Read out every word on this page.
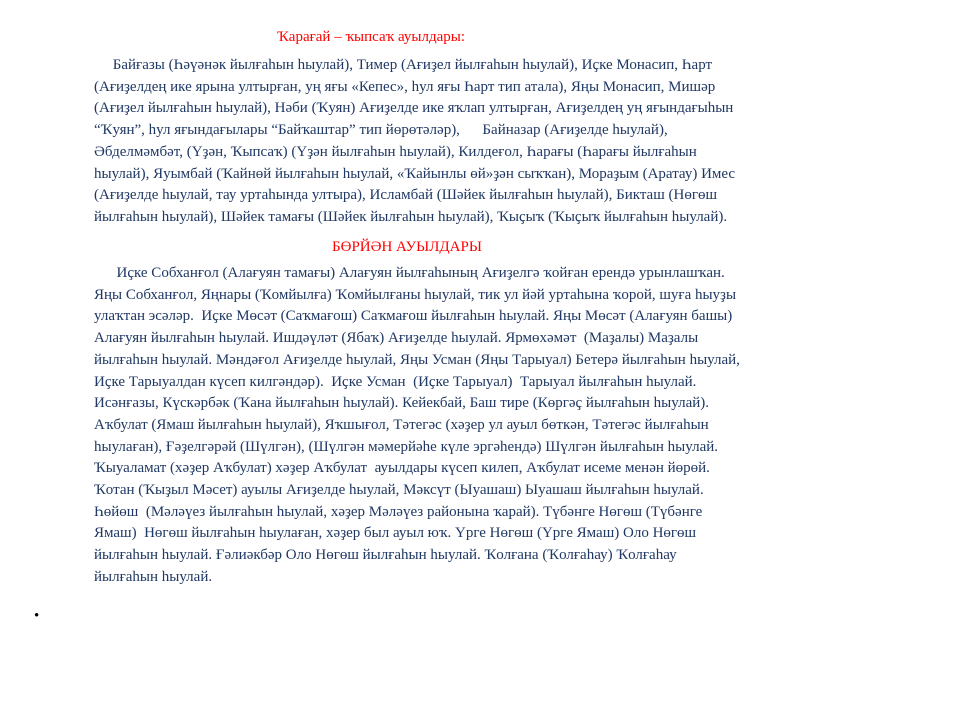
Ҡарағай – ҡыпсаҡ ауылдары:
Байғазы (Һәүәнәк йылғаһын һыулай), Тимер (Ағиҙел йылғаһын һыулай), Иҫке Монасип, Һарт
(Ағиҙелдең ике ярына ултырған, уң яғы «Кепес», һул яғы Һарт тип атала), Яңы Монасип, Мишәр
(Ағиҙел йылғаһын һыулай), Нәби (Ҡуян) Ағиҙелде ике яҡлап ултырған, Ағиҙелдең уң яғындағыһын
“Ҡуян”, һул яғындағылары “Байҡаштар” тип йөрөтәләр),      Байназар (Ағиҙелде һыулай),
Әбделмәмбәт, (Үҙән, Ҡыпсаҡ) (Үҙән йылғаһын һыулай), Килдеғол, Һарағы (Һарағы йылғаһын
һыулай), Яуымбай (Ҡайнөй йылғаһын һыулай, «Ҡайынлы өй»ҙән сыҡҡан), Мораҙым (Аратау) Имес
(Ағиҙелде һыулай, тау уртаһында ултыра), Исламбай (Шәйек йылғаһын һыулай), Бикташ (Нөгөш
йылғаһын һыулай), Шәйек тамағы (Шәйек йылғаһын һыулай), Ҡыҫыҡ (Ҡыҫыҡ йылғаһын һыулай).
БӨРЙӘН АУЫЛДАРЫ
Иҫке Собханғол (Алағуян тамағы) Алағуян йылғаһының Ағиҙелгә ҡойған ерендә урынлашҡан.
Яңы Собханғол, Яңнары (Ҡомйылға) Ҡомйылғаны һыулай, тик ул йәй уртаһына ҡорой, шуға һыуҙы
улаҡтан эсәләр.  Иҫке Мөсәт (Саҡмағош) Саҡмағош йылғаһын һыулай. Яңы Мөсәт (Алағуян башы)
Алағуян йылғаһын һыулай. Ишдәүләт (Ябаҡ) Ағиҙелде һыулай. Ярмөхәмәт  (Маҙалы) Маҙалы
йылғаһын һыулай. Мәндәғол Ағиҙелде һыулай, Яңы Усман (Яңы Тарыуал) Бетерә йылғаһын һыулай,
Иҫке Тарыуалдан күсеп килгәндәр).  Иҫке Усман  (Иҫке Тарыуал)  Тарыуал йылғаһын һыулай.
Исәнғазы, Күскәрбәк (Ҡана йылғаһын һыулай). Кейекбай, Баш тире (Көргәҫ йылғаһын һыулай).
Аҡбулат (Ямаш йылғаһын һыулай), Яҡшығол, Тәтегәс (хәҙер ул ауыл бөткән, Тәтегәс йылғаһын
һыулаған), Ғәҙелгәрәй (Шүлгән), (Шүлгән мәмерйәһе күле эргәһендә) Шүлгән йылғаһын һыулай.
Ҡыуаламат (хәҙер Аҡбулат) хәҙер Аҡбулат  ауылдары күсеп килеп, Аҡбулат исеме менән йөрөй.
Ҡотан (Ҡыҙыл Мәсет) ауылы Ағиҙелде һыулай, Мәксүт (Ыуашаш) Ыуашаш йылғаһын һыулай.
Һөйөш  (Мәләүез йылғаһын һыулай, хәҙер Мәләүез районына ҡарай). Түбәнге Нөгөш (Түбәнге
Ямаш)  Нөгөш йылғаһын һыулаған, хәҙер был ауыл юҡ. Үрге Нөгөш (Үрге Ямаш) Оло Нөгөш
йылғаһын һыулай. Ғәлиәкбәр Оло Нөгөш йылғаһын һыулай. Ҡолғана (Ҡолғаһау) Ҡолғаһау
йылғаһын һыулай.
•
